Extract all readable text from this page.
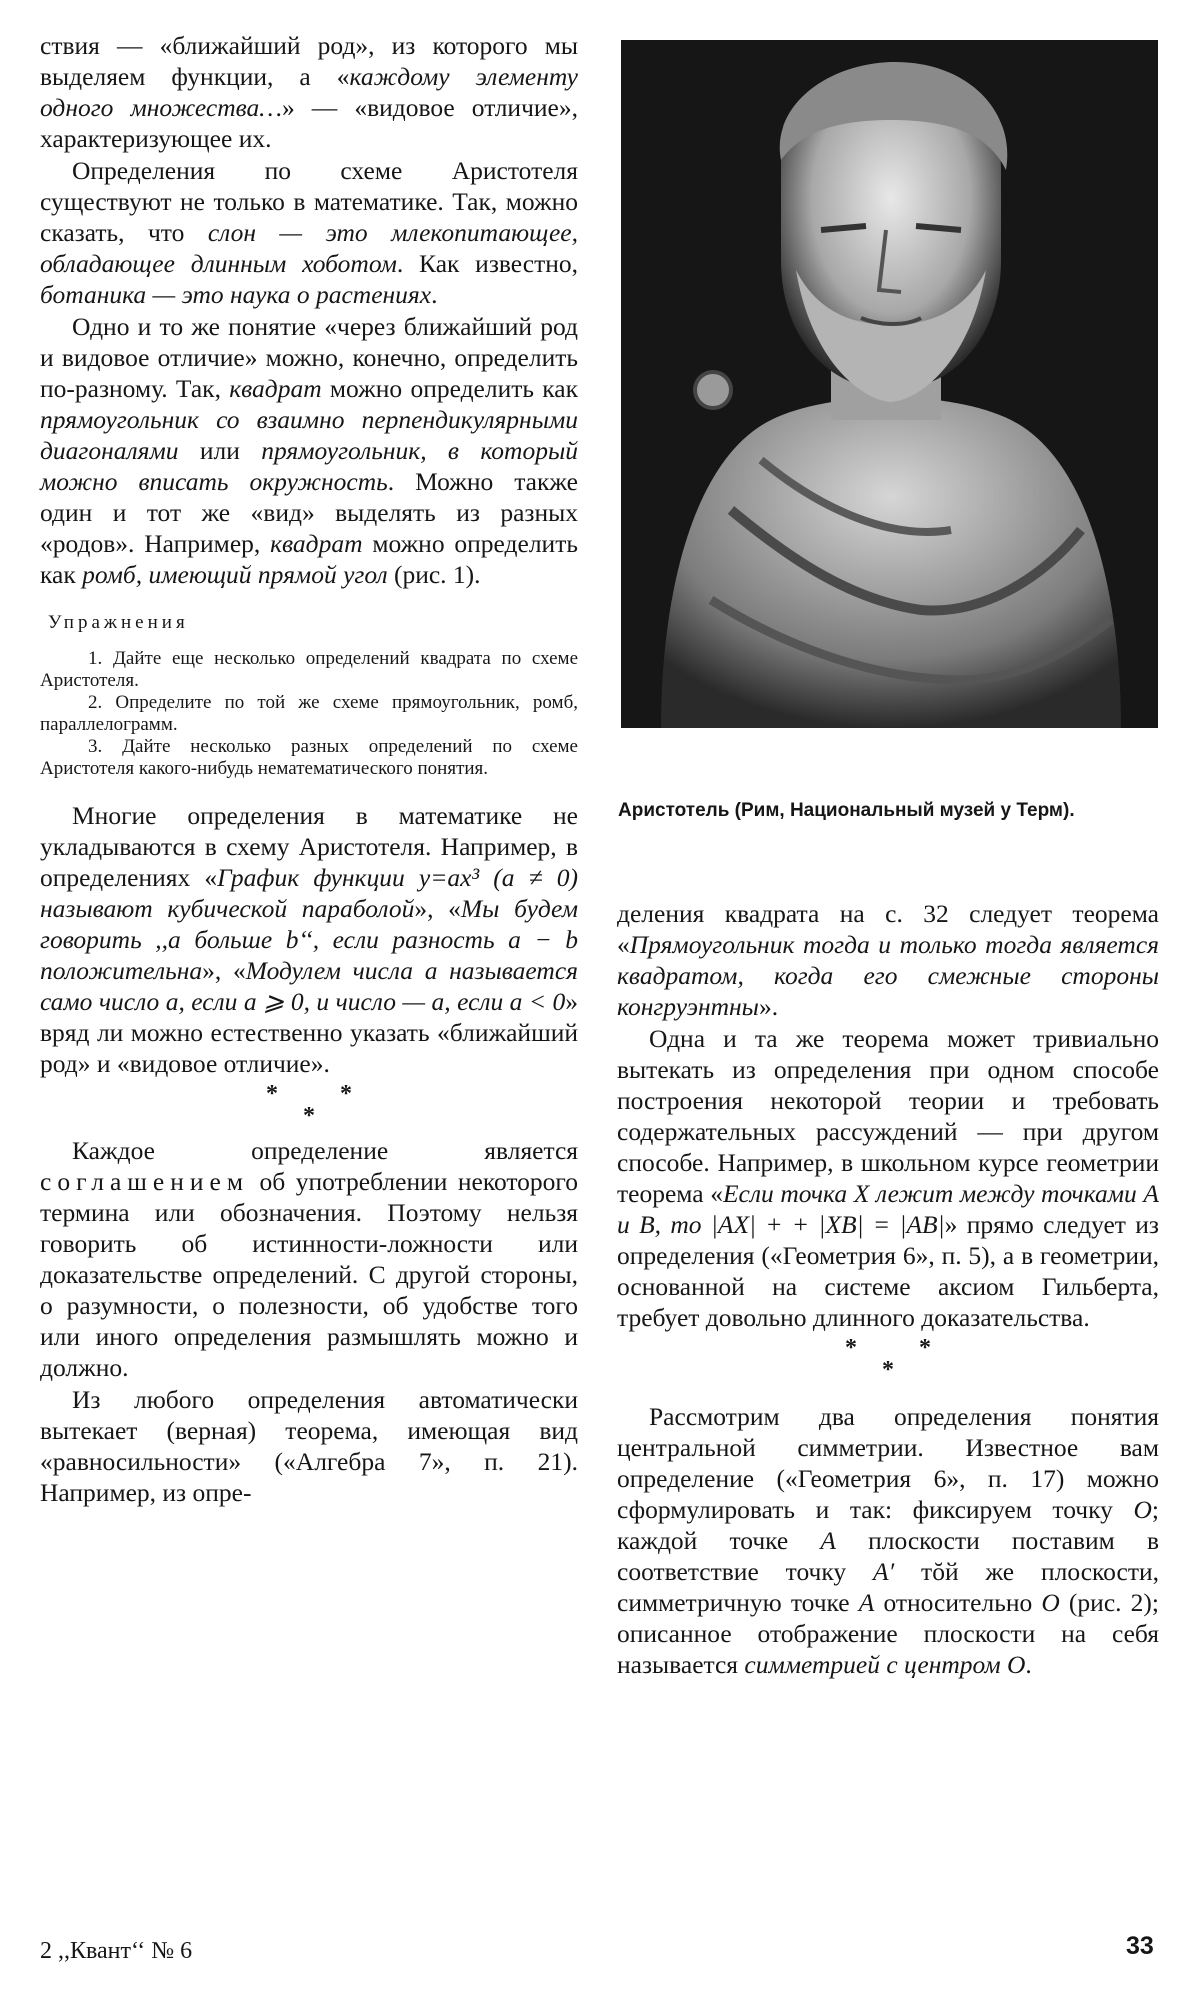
ствия — «ближайший род», из которого мы выделяем функции, а «каждому элементу одного множества…» — «видовое отличие», характеризующее их.

Определения по схеме Аристотеля существуют не только в математике. Так, можно сказать, что слон — это млекопитающее, обладающее длинным хоботом. Как известно, ботаника — это наука о растениях.

Одно и то же понятие «через ближайший род и видовое отличие» можно, конечно, определить по-разному. Так, квадрат можно определить как прямоугольник со взаимно перпендикулярными диагоналями или прямоугольник, в который можно вписать окружность. Можно также один и тот же «вид» выделять из разных «родов». Например, квадрат можно определить как ромб, имеющий прямой угол (рис. 1).

Упражнения

1. Дайте еще несколько определений квадрата по схеме Аристотеля.

2. Определите по той же схеме прямоугольник, ромб, параллелограмм.

3. Дайте несколько разных определений по схеме Аристотеля какого-нибудь нематематического понятия.

Многие определения в математике не укладываются в схему Аристотеля. Например, в определениях «График функции y=ax³ (a ≠ 0) называют кубической параболой», «Мы будем говорить ,,a больше b‘‘, если разность a − b положительна», «Модулем числа a называется само число a, если a ⩾ 0, и число — a, если a < 0» вряд ли можно естественно указать «ближайший род» и «видовое отличие».

* *
*

Каждое определение является соглашением об употреблении некоторого термина или обозначения. Поэтому нельзя говорить об истинности-ложности или доказательстве определений. С другой стороны, о разумности, о полезности, об удобстве того или иного определения размышлять можно и должно.

Из любого определения автоматически вытекает (верная) теорема, имеющая вид «равносильности» («Алгебра 7», п. 21). Например, из опре-

Аристотель (Рим, Национальный музей у Терм).

деления квадрата на с. 32 следует теорема «Прямоугольник тогда и только тогда является квадратом, когда его смежные стороны конгруэнтны».

Одна и та же теорема может тривиально вытекать из определения при одном способе построения некоторой теории и требовать содержательных рассуждений — при другом способе. Например, в школьном курсе геометрии теорема «Если точка X лежит между точками A и B, то |AX| + + |XB| = |AB|» прямо следует из определения («Геометрия 6», п. 5), а в геометрии, основанной на системе аксиом Гильберта, требует довольно длинного доказательства.

* *
*

Рассмотрим два определения понятия центральной симметрии. Известное вам определение («Геометрия 6», п. 17) можно сформулировать и так: фиксируем точку O; каждой точке A плоскости поставим в соответствие точку A′ тŏй же плоскости, симметричную точке A относительно O (рис. 2); описанное отображение плоскости на себя называется симметрией с центром O.

2 ,,Квант‘‘ № 6	33
